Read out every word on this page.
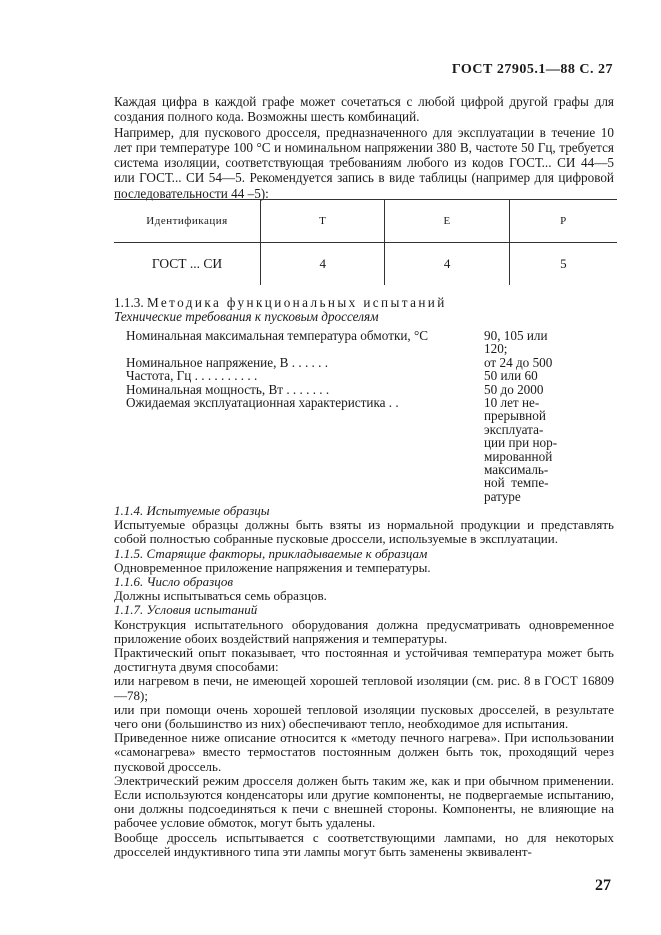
ГОСТ 27905.1—88 С. 27

Каждая цифра в каждой графе может сочетаться с любой цифрой другой графы для создания полного кода. Возможны шесть комбинаций.

Например, для пускового дросселя, предназначенного для эксплуатации в течение 10 лет при температуре 100 °С и номинальном напряжении 380 В, частоте 50 Гц, требуется система изоляции, соответствующая требованиям любого из кодов ГОСТ... СИ 44—5 или ГОСТ... СИ 54—5. Рекомендуется запись в виде таблицы (например для цифровой последовательности 44 –5):

Идентификация	Т	Е	Р
ГОСТ ... СИ	4	4	5
1.1.3. Методика функциональных испытаний
Технические требования к пусковым дросселям
Номинальная максимальная температура обмотки, °С	90, 105 или
120;
Номинальное напряжение, В . . . . . .	от 24 до 500
Частота, Гц . . . . . . . . . .	50 или 60
Номинальная мощность, Вт . . . . . . .	50 до 2000
Ожидаемая эксплуатационная характеристика . .	10 лет не-
прерывной
эксплуата-
ции при нор-
мированной
максималь-
ной  темпе-
ратуре
1.1.4. Испытуемые образцы

Испытуемые образцы должны быть взяты из нормальной продукции и представлять собой полностью собранные пусковые дроссели, используемые в эксплуатации.

1.1.5. Старящие факторы, прикладываемые к образцам

Одновременное приложение напряжения и температуры.

1.1.6. Число образцов

Должны испытываться семь образцов.

1.1.7. Условия испытаний

Конструкция испытательного оборудования должна предусматривать одновременное приложение обоих воздействий напряжения и температуры.

Практический опыт показывает, что постоянная и устойчивая температура может быть достигнута двумя способами:

или нагревом в печи, не имеющей хорошей тепловой изоляции (см. рис. 8 в ГОСТ 16809—78);

или при помощи очень хорошей тепловой изоляции пусковых дросселей, в результате чего они (большинство из них) обеспечивают тепло, необходимое для испытания.

Приведенное ниже описание относится к «методу печного нагрева». При использовании «самонагрева» вместо термостатов постоянным должен быть ток, проходящий через пусковой дроссель.

Электрический режим дросселя должен быть таким же, как и при обычном применении. Если используются конденсаторы или другие компоненты, не подвергаемые испытанию, они должны подсоединяться к печи с внешней стороны. Компоненты, не влияющие на рабочее условие обмоток, могут быть удалены.

Вообще дроссель испытывается с соответствующими лампами, но для некоторых дросселей индуктивного типа эти лампы могут быть заменены эквивалент-

27
